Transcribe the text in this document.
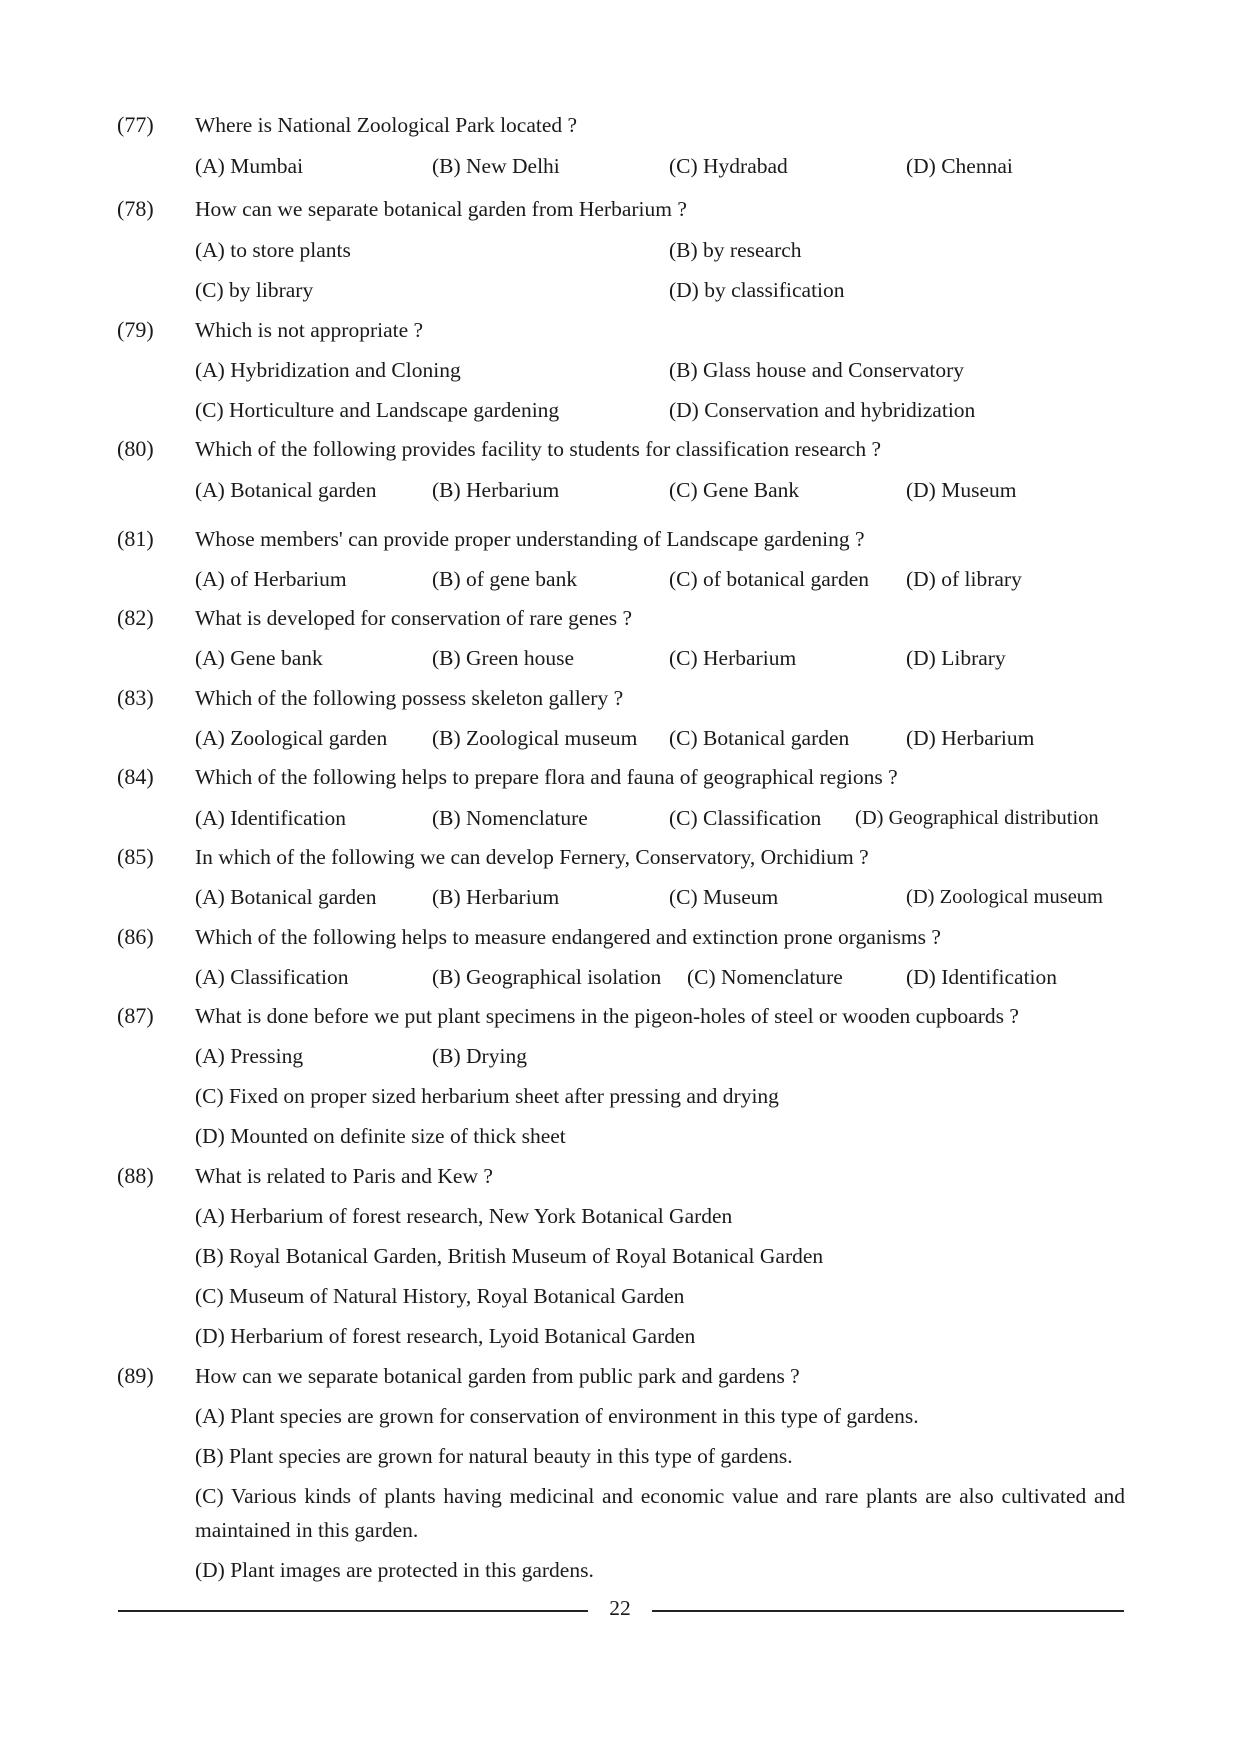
(77) Where is National Zoological Park located ?
(A) Mumbai	(B) New Delhi	(C) Hydrabad	(D) Chennai
(78) How can we separate botanical garden from Herbarium ?
(A) to store plants	(B) by research
(C) by library	(D) by classification
(79) Which is not appropriate ?
(A) Hybridization and Cloning	(B) Glass house and Conservatory
(C) Horticulture and Landscape gardening	(D) Conservation and hybridization
(80) Which of the following provides facility to students for classification research ?
(A) Botanical garden	(B) Herbarium	(C) Gene Bank	(D) Museum
(81) Whose members' can provide proper understanding of Landscape gardening ?
(A) of Herbarium	(B) of gene bank	(C) of botanical garden (D) of library
(82) What is developed for conservation of rare genes ?
(A) Gene bank	(B) Green house	(C) Herbarium	(D) Library
(83) Which of the following possess skeleton gallery ?
(A) Zoological garden (B) Zoological museum (C) Botanical garden	(D) Herbarium
(84) Which of the following helps to prepare flora and fauna of geographical regions ?
(A) Identification	(B) Nomenclature	(C) Classification (D) Geographical distribution
(85) In which of the following we can develop Fernery, Conservatory, Orchidium ?
(A) Botanical garden	(B) Herbarium	(C) Museum	(D) Zoological museum
(86) Which of the following helps to measure endangered and extinction prone organisms ?
(A) Classification	(B) Geographical isolation (C) Nomenclature	(D) Identification
(87) What is done before we put plant specimens in the pigeon-holes of steel or wooden cupboards ?
(A) Pressing	(B) Drying
(C) Fixed on proper sized herbarium sheet after pressing and drying
(D) Mounted on definite size of thick sheet
(88) What is related to Paris and Kew ?
(A) Herbarium of forest research, New York Botanical Garden
(B) Royal Botanical Garden, British Museum of Royal Botanical Garden
(C) Museum of Natural History, Royal Botanical Garden
(D) Herbarium of forest research, Lyoid Botanical Garden
(89) How can we separate botanical garden from public park and gardens ?
(A) Plant species are grown for conservation of environment in this type of gardens.
(B) Plant species are grown for natural beauty in this type of gardens.
(C) Various kinds of plants having medicinal and economic value and rare plants are also cultivated and maintained in this garden.
(D) Plant images are protected in this gardens.
22
